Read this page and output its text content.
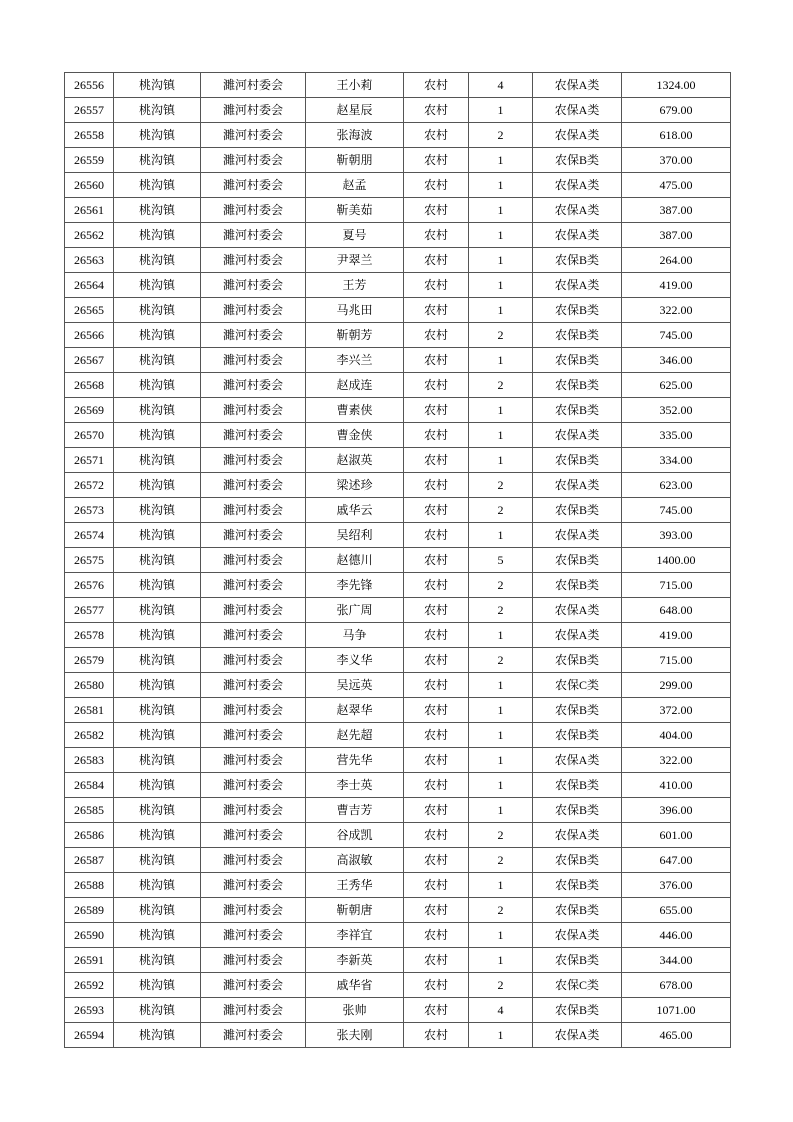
26556	桃沟镇	濉河村委会	王小莉	农村	4	农保A类	1324.00
26557	桃沟镇	濉河村委会	赵星辰	农村	1	农保A类	679.00
26558	桃沟镇	濉河村委会	张海波	农村	2	农保A类	618.00
26559	桃沟镇	濉河村委会	靳朝朋	农村	1	农保B类	370.00
26560	桃沟镇	濉河村委会	赵孟	农村	1	农保A类	475.00
26561	桃沟镇	濉河村委会	靳美茹	农村	1	农保A类	387.00
26562	桃沟镇	濉河村委会	夏号	农村	1	农保A类	387.00
26563	桃沟镇	濉河村委会	尹翠兰	农村	1	农保B类	264.00
26564	桃沟镇	濉河村委会	王芳	农村	1	农保A类	419.00
26565	桃沟镇	濉河村委会	马兆田	农村	1	农保B类	322.00
26566	桃沟镇	濉河村委会	靳朝芳	农村	2	农保B类	745.00
26567	桃沟镇	濉河村委会	李兴兰	农村	1	农保B类	346.00
26568	桃沟镇	濉河村委会	赵成连	农村	2	农保B类	625.00
26569	桃沟镇	濉河村委会	曹素侠	农村	1	农保B类	352.00
26570	桃沟镇	濉河村委会	曹金侠	农村	1	农保A类	335.00
26571	桃沟镇	濉河村委会	赵淑英	农村	1	农保B类	334.00
26572	桃沟镇	濉河村委会	梁述珍	农村	2	农保A类	623.00
26573	桃沟镇	濉河村委会	戚华云	农村	2	农保B类	745.00
26574	桃沟镇	濉河村委会	吴绍利	农村	1	农保A类	393.00
26575	桃沟镇	濉河村委会	赵德川	农村	5	农保B类	1400.00
26576	桃沟镇	濉河村委会	李先锋	农村	2	农保B类	715.00
26577	桃沟镇	濉河村委会	张广周	农村	2	农保A类	648.00
26578	桃沟镇	濉河村委会	马争	农村	1	农保A类	419.00
26579	桃沟镇	濉河村委会	李义华	农村	2	农保B类	715.00
26580	桃沟镇	濉河村委会	吴远英	农村	1	农保C类	299.00
26581	桃沟镇	濉河村委会	赵翠华	农村	1	农保B类	372.00
26582	桃沟镇	濉河村委会	赵先超	农村	1	农保B类	404.00
26583	桃沟镇	濉河村委会	营先华	农村	1	农保A类	322.00
26584	桃沟镇	濉河村委会	李士英	农村	1	农保B类	410.00
26585	桃沟镇	濉河村委会	曹吉芳	农村	1	农保B类	396.00
26586	桃沟镇	濉河村委会	谷成凯	农村	2	农保A类	601.00
26587	桃沟镇	濉河村委会	高淑敏	农村	2	农保B类	647.00
26588	桃沟镇	濉河村委会	王秀华	农村	1	农保B类	376.00
26589	桃沟镇	濉河村委会	靳朝唐	农村	2	农保B类	655.00
26590	桃沟镇	濉河村委会	李祥宜	农村	1	农保A类	446.00
26591	桃沟镇	濉河村委会	李新英	农村	1	农保B类	344.00
26592	桃沟镇	濉河村委会	戚华省	农村	2	农保C类	678.00
26593	桃沟镇	濉河村委会	张帅	农村	4	农保B类	1071.00
26594	桃沟镇	濉河村委会	张夫刚	农村	1	农保A类	465.00
